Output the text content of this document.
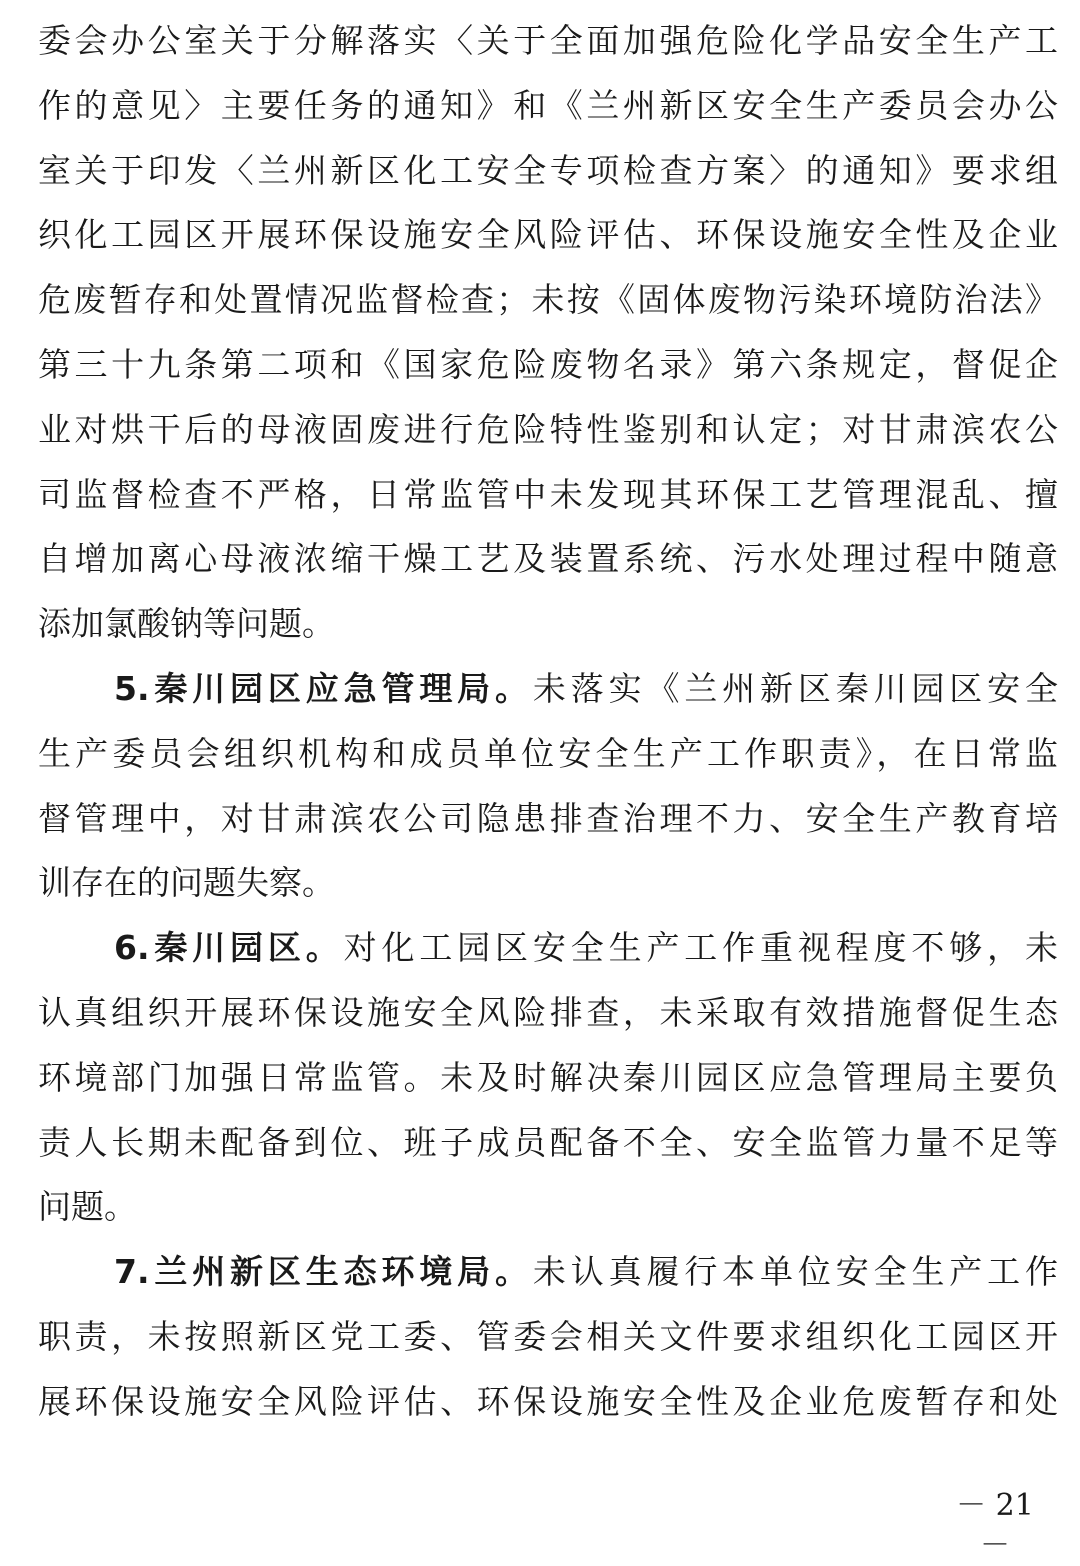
委会办公室关于分解落实〈关于全面加强危险化学品安全生产工
作的意见〉主要任务的通知》和《兰州新区安全生产委员会办公
室关于印发〈兰州新区化工安全专项检查方案〉的通知》要求组
织化工园区开展环保设施安全风险评估、环保设施安全性及企业
危废暂存和处置情况监督检查；未按《固体废物污染环境防治法》
第三十九条第二项和《国家危险废物名录》第六条规定，督促企
业对烘干后的母液固废进行危险特性鉴别和认定；对甘肃滨农公
司监督检查不严格，日常监管中未发现其环保工艺管理混乱、擅
自增加离心母液浓缩干燥工艺及装置系统、污水处理过程中随意
添加氯酸钠等问题。
5.秦川园区应急管理局。未落实《兰州新区秦川园区安全
生产委员会组织机构和成员单位安全生产工作职责》，在日常监
督管理中，对甘肃滨农公司隐患排查治理不力、安全生产教育培
训存在的问题失察。
6.秦川园区。对化工园区安全生产工作重视程度不够，未
认真组织开展环保设施安全风险排查，未采取有效措施督促生态
环境部门加强日常监管。未及时解决秦川园区应急管理局主要负
责人长期未配备到位、班子成员配备不全、安全监管力量不足等
问题。
7.兰州新区生态环境局。未认真履行本单位安全生产工作
职责，未按照新区党工委、管委会相关文件要求组织化工园区开
展环保设施安全风险评估、环保设施安全性及企业危废暂存和处
－ 21 －
